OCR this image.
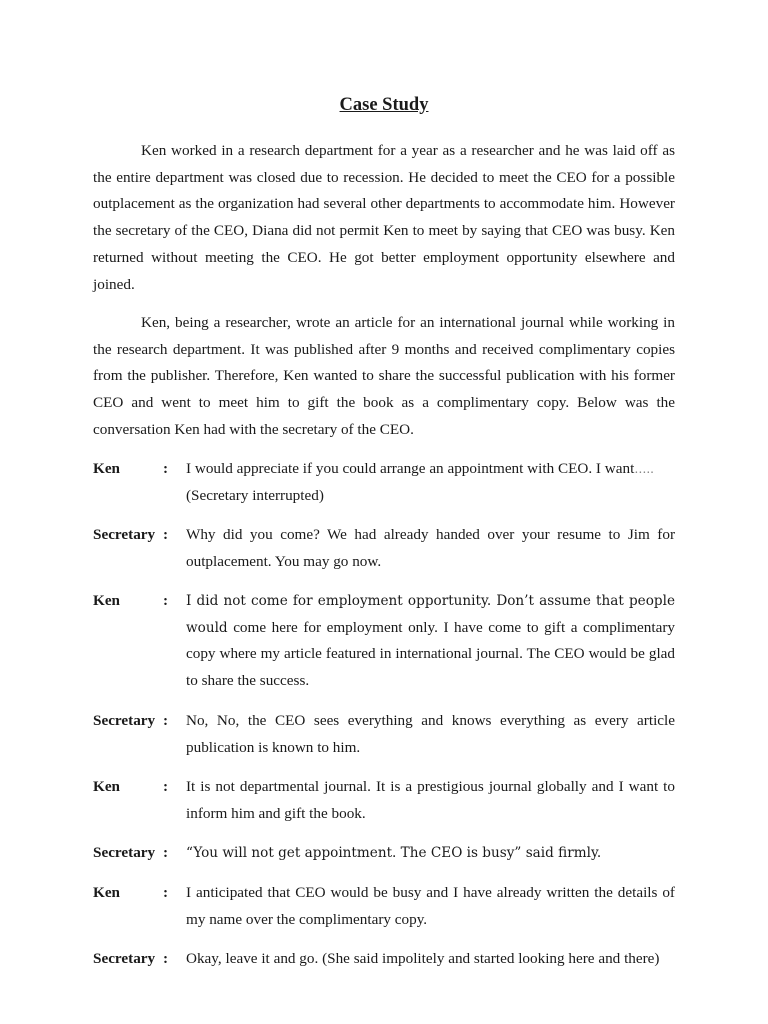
Case Study

Ken worked in a research department for a year as a researcher and he was laid off as the entire department was closed due to recession. He decided to meet the CEO for a possible outplacement as the organization had several other departments to accommodate him. However the secretary of the CEO, Diana did not permit Ken to meet by saying that CEO was busy. Ken returned without meeting the CEO. He got better employment opportunity elsewhere and joined.

Ken, being a researcher, wrote an article for an international journal while working in the research department. It was published after 9 months and received complimentary copies from the publisher. Therefore, Ken wanted to share the successful publication with his former CEO and went to meet him to gift the book as a complimentary copy. Below was the conversation Ken had with the secretary of the CEO.

Ken	: I would appreciate if you could arrange an appointment with CEO. I want…..
(Secretary interrupted)
Secretary : Why did you come? We had already handed over your resume to Jim for outplacement. You may go now.
Ken	: I did not come for employment opportunity. Don’t assume that people would come here for employment only. I have come to gift a complimentary copy where my article featured in international journal. The CEO would be glad to share the success.
Secretary : No, No, the CEO sees everything and knows everything as every article publication is known to him.
Ken	: It is not departmental journal. It is a prestigious journal globally and I want to inform him and gift the book.
Secretary : “You will not get appointment. The CEO is busy” said firmly.
Ken	: I anticipated that CEO would be busy and I have already written the details of my name over the complimentary copy.
Secretary : Okay, leave it and go. (She said impolitely and started looking here and there)
